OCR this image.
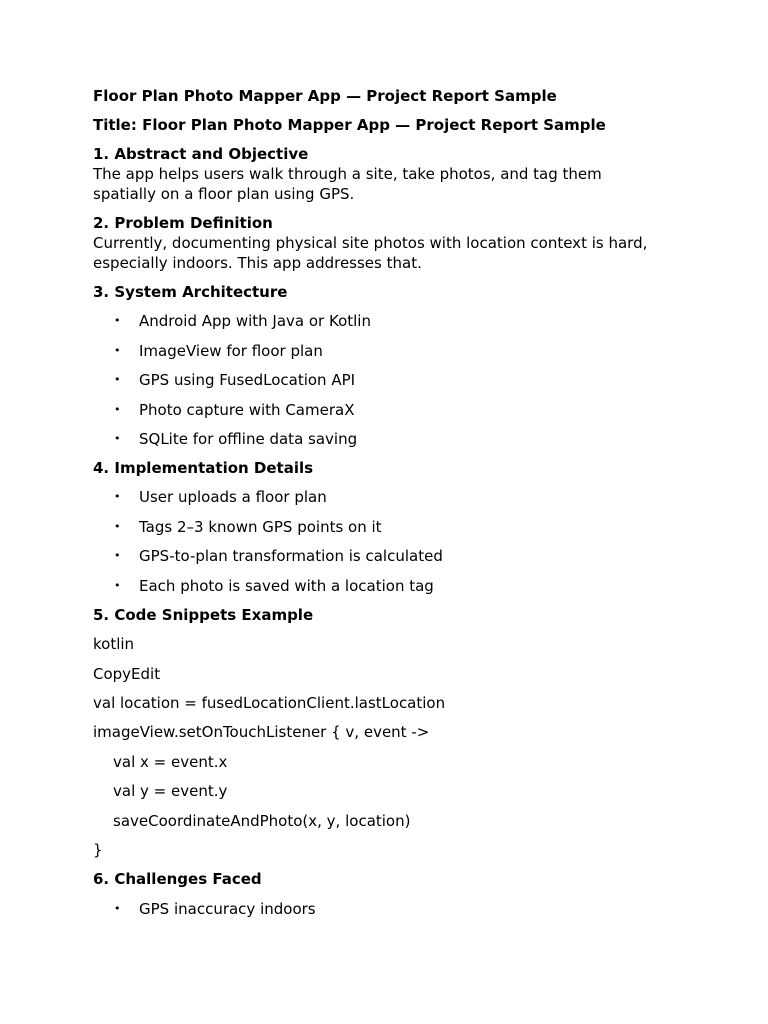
Floor Plan Photo Mapper App — Project Report Sample
Title: Floor Plan Photo Mapper App — Project Report Sample
1. Abstract and Objective
The app helps users walk through a site, take photos, and tag them
spatially on a floor plan using GPS.
2. Problem Definition
Currently, documenting physical site photos with location context is hard,
especially indoors. This app addresses that.
3. System Architecture
• Android App with Java or Kotlin
• ImageView for floor plan
• GPS using FusedLocation API
• Photo capture with CameraX
• SQLite for offline data saving
4. Implementation Details
• User uploads a floor plan
• Tags 2–3 known GPS points on it
• GPS-to-plan transformation is calculated
• Each photo is saved with a location tag
5. Code Snippets Example
kotlin
CopyEdit
val location = fusedLocationClient.lastLocation
imageView.setOnTouchListener { v, event ->
val x = event.x
val y = event.y
saveCoordinateAndPhoto(x, y, location)
}
6. Challenges Faced
• GPS inaccuracy indoors
